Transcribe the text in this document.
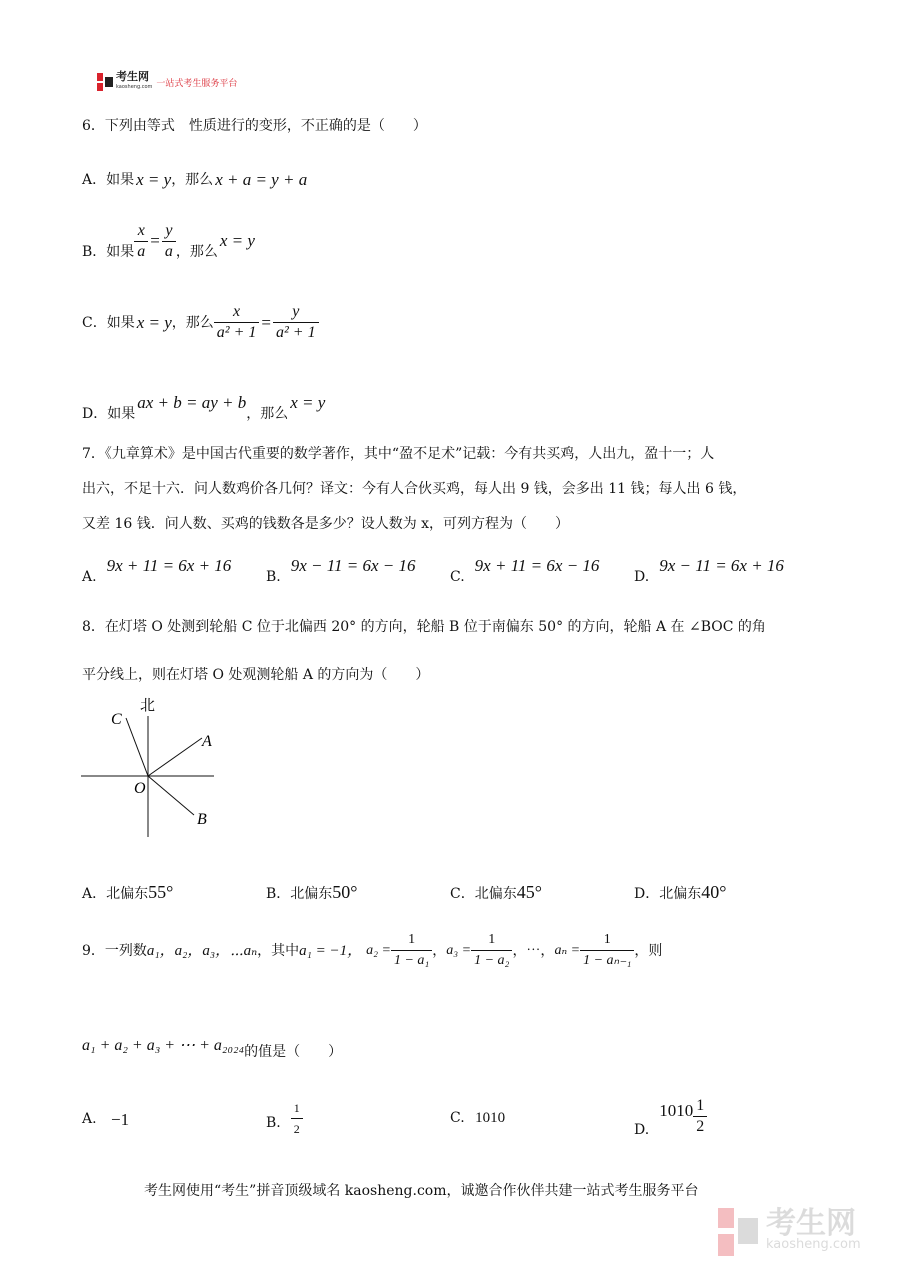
考生网
kaosheng.com 一站式考生服务平台
6．下列由等式　性质进行的变形，不正确的是（　　）
A．如果 x = y ，那么 x + a = y + a
B．如果 $\frac{x}{a} = \frac{y}{a}$ ，那么
x = y
C．如果 x = y ，那么 $\frac{x}{\text{a² + 1}} = \frac{y}{\text{a² + 1}}$
D．如果
ax + b = ay + b
，那么
x = y
7．《九章算术》是中国古代重要的数学著作，其中“盈不足术”记载：今有共买鸡，人出九，盈十一；人
出六，不足十六．问人数鸡价各几何？译文：今有人合伙买鸡，每人出 9 钱，会多出 11 钱；每人出 6 钱，
又差 16 钱．问人数、买鸡的钱数各是多少？设人数为 x，可列方程为（　　）
A.
9x + 11 = 6x + 16
B.
9x − 11 = 6x − 16
C.
9x + 11 = 6x − 16
D.
9x − 11 = 6x + 16
8．在灯塔 O 处测到轮船 C 位于北偏西 20° 的方向，轮船 B 位于南偏东 50° 的方向，轮船 A 在 ∠BOC 的角
平分线上，则在灯塔 O 处观测轮船 A 的方向为（　　）
北
C
A
O
B
A．北偏东55°	B．北偏东50°	C．北偏东45°	D．北偏东40°
9．一列数 a₁，a₂，a₃，⋯aₙ ，其中 a₁ = −1， $a_2 = \frac{1}{\text{1 − a₁}}$ ， $a_3 = \frac{1}{\text{1 − a₂}}$ ，⋯， $a_n = \frac{1}{\text{1 − aₙ₋₁}}$ ，则
a₁ + a₂ + a₃ + ⋯ + a₂₀₂₄ 的值是（　　）
A. −1	B. $\frac{1}{2}$	C. 1010
D.
$1010 \frac{1}{2}$
考生网使用“考生”拼音顶级域名 kaosheng.com，诚邀合作伙伴共建一站式考生服务平台
考生网
kaosheng.com
